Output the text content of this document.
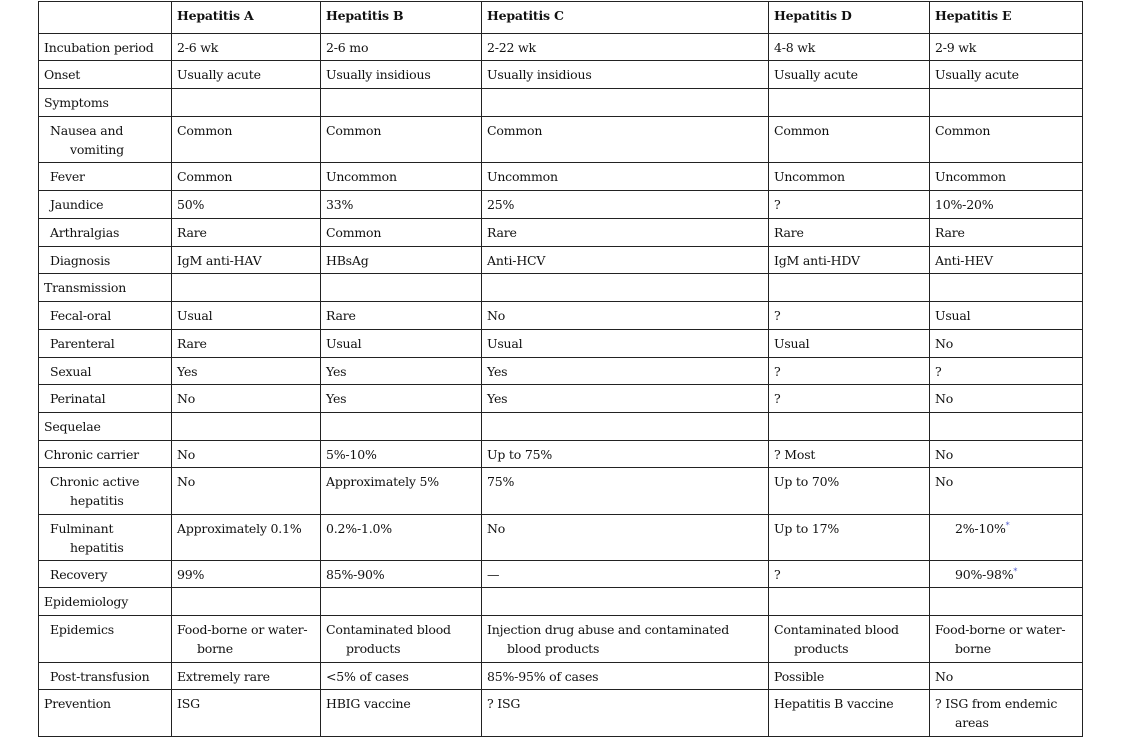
	Hepatitis A	Hepatitis B	Hepatitis C	Hepatitis D	Hepatitis E

Incubation period	2-6 wk	2-6 mo	2-22 wk	4-8 wk	2-9 wk

Onset	Usually acute	Usually insidious	Usually insidious	Usually acute	Usually acute

Symptoms					

Nausea and vomiting	Common	Common	Common	Common	Common

Fever	Common	Uncommon	Uncommon	Uncommon	Uncommon

Jaundice	50%	33%	25%	?	10%-20%

Arthralgias	Rare	Common	Rare	Rare	Rare

Diagnosis	IgM anti-HAV	HBsAg	Anti-HCV	IgM anti-HDV	Anti-HEV

Transmission					

Fecal-oral	Usual	Rare	No	?	Usual

Parenteral	Rare	Usual	Usual	Usual	No

Sexual	Yes	Yes	Yes	?	?

Perinatal	No	Yes	Yes	?	No

Sequelae					

Chronic carrier	No	5%-10%	Up to 75%	? Most	No

Chronic active hepatitis	No	Approximately 5%	75%	Up to 70%	No

Fulminant hepatitis	Approximately 0.1%	0.2%-1.0%	No	Up to 17%	2%-10%*

Recovery	99%	85%-90%	—	?	90%-98%*

Epidemiology					

Epidemics	Food-borne or water-borne	Contaminated blood products	Injection drug abuse and contaminated blood products	Contaminated blood products	Food-borne or water-borne

Post-transfusion	Extremely rare	<5% of cases	85%-95% of cases	Possible	No

Prevention	ISG	HBIG vaccine	? ISG	Hepatitis B vaccine	? ISG from endemic areas
